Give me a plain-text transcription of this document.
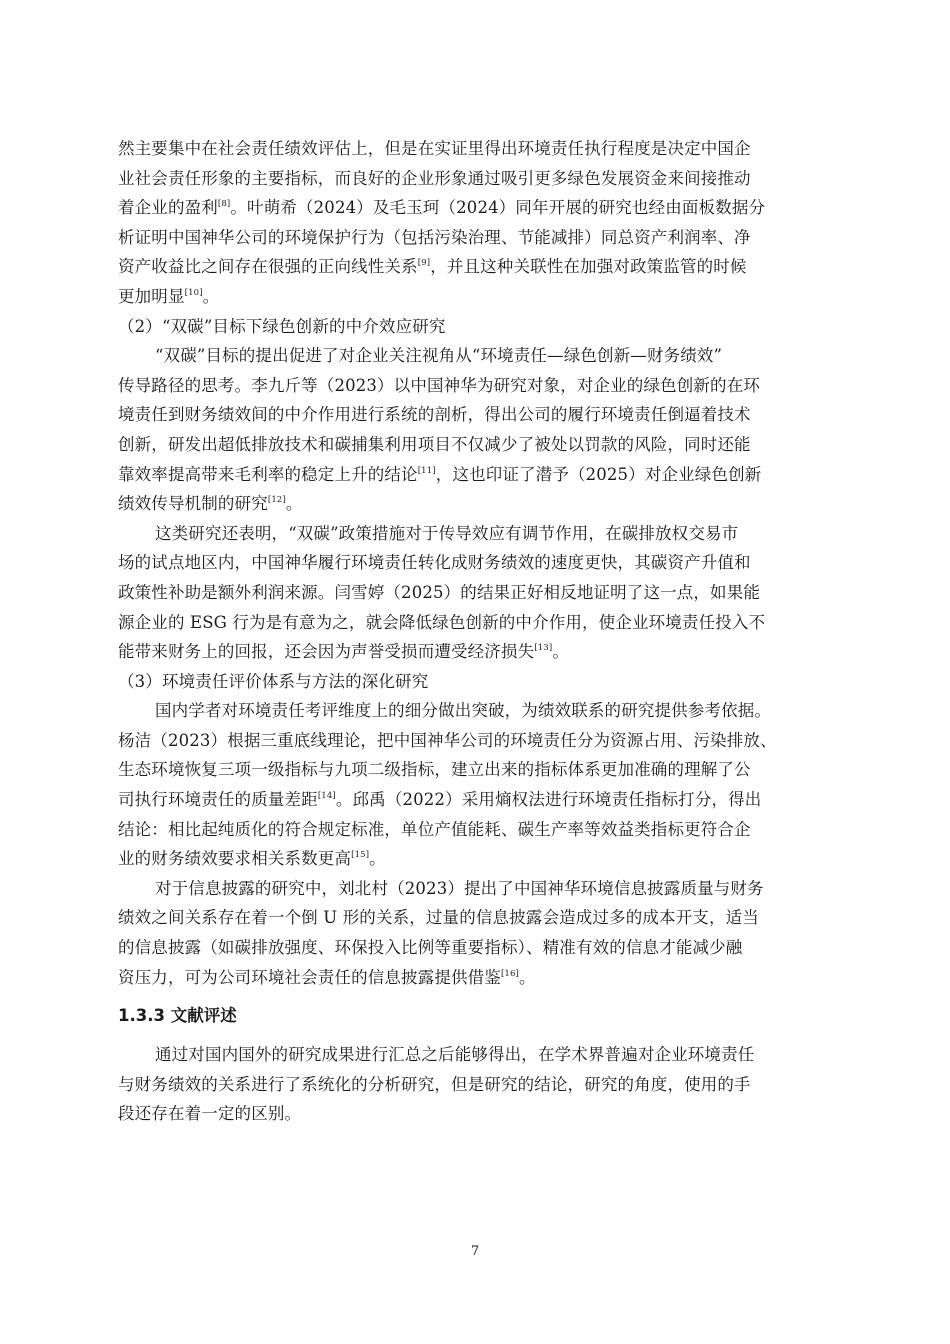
然主要集中在社会责任绩效评估上，但是在实证里得出环境责任执行程度是决定中国企
业社会责任形象的主要指标，而良好的企业形象通过吸引更多绿色发展资金来间接推动
着企业的盈利[8]。叶萌希（2024）及毛玉珂（2024）同年开展的研究也经由面板数据分
析证明中国神华公司的环境保护行为（包括污染治理、节能减排）同总资产利润率、净
资产收益比之间存在很强的正向线性关系[9]，并且这种关联性在加强对政策监管的时候
更加明显[10]。
（2）“双碳”目标下绿色创新的中介效应研究
“双碳”目标的提出促进了对企业关注视角从“环境责任—绿色创新—财务绩效”
传导路径的思考。李九斤等（2023）以中国神华为研究对象，对企业的绿色创新的在环
境责任到财务绩效间的中介作用进行系统的剖析，得出公司的履行环境责任倒逼着技术
创新，研发出超低排放技术和碳捕集利用项目不仅减少了被处以罚款的风险，同时还能
靠效率提高带来毛利率的稳定上升的结论[11]，这也印证了潜予（2025）对企业绿色创新
绩效传导机制的研究[12]。
这类研究还表明，“双碳”政策措施对于传导效应有调节作用，在碳排放权交易市
场的试点地区内，中国神华履行环境责任转化成财务绩效的速度更快，其碳资产升值和
政策性补助是额外利润来源。闫雪婷（2025）的结果正好相反地证明了这一点，如果能
源企业的 ESG 行为是有意为之，就会降低绿色创新的中介作用，使企业环境责任投入不
能带来财务上的回报，还会因为声誉受损而遭受经济损失[13]。
（3）环境责任评价体系与方法的深化研究
国内学者对环境责任考评维度上的细分做出突破，为绩效联系的研究提供参考依据。
杨洁（2023）根据三重底线理论，把中国神华公司的环境责任分为资源占用、污染排放、
生态环境恢复三项一级指标与九项二级指标，建立出来的指标体系更加准确的理解了公
司执行环境责任的质量差距[14]。邱禹（2022）采用熵权法进行环境责任指标打分，得出
结论：相比起纯质化的符合规定标准，单位产值能耗、碳生产率等效益类指标更符合企
业的财务绩效要求相关系数更高[15]。
对于信息披露的研究中，刘北村（2023）提出了中国神华环境信息披露质量与财务
绩效之间关系存在着一个倒 U 形的关系，过量的信息披露会造成过多的成本开支，适当
的信息披露（如碳排放强度、环保投入比例等重要指标）、精准有效的信息才能减少融
资压力，可为公司环境社会责任的信息披露提供借鉴[16]。
1.3.3 文献评述
通过对国内国外的研究成果进行汇总之后能够得出，在学术界普遍对企业环境责任
与财务绩效的关系进行了系统化的分析研究，但是研究的结论，研究的角度，使用的手
段还存在着一定的区别。
7
